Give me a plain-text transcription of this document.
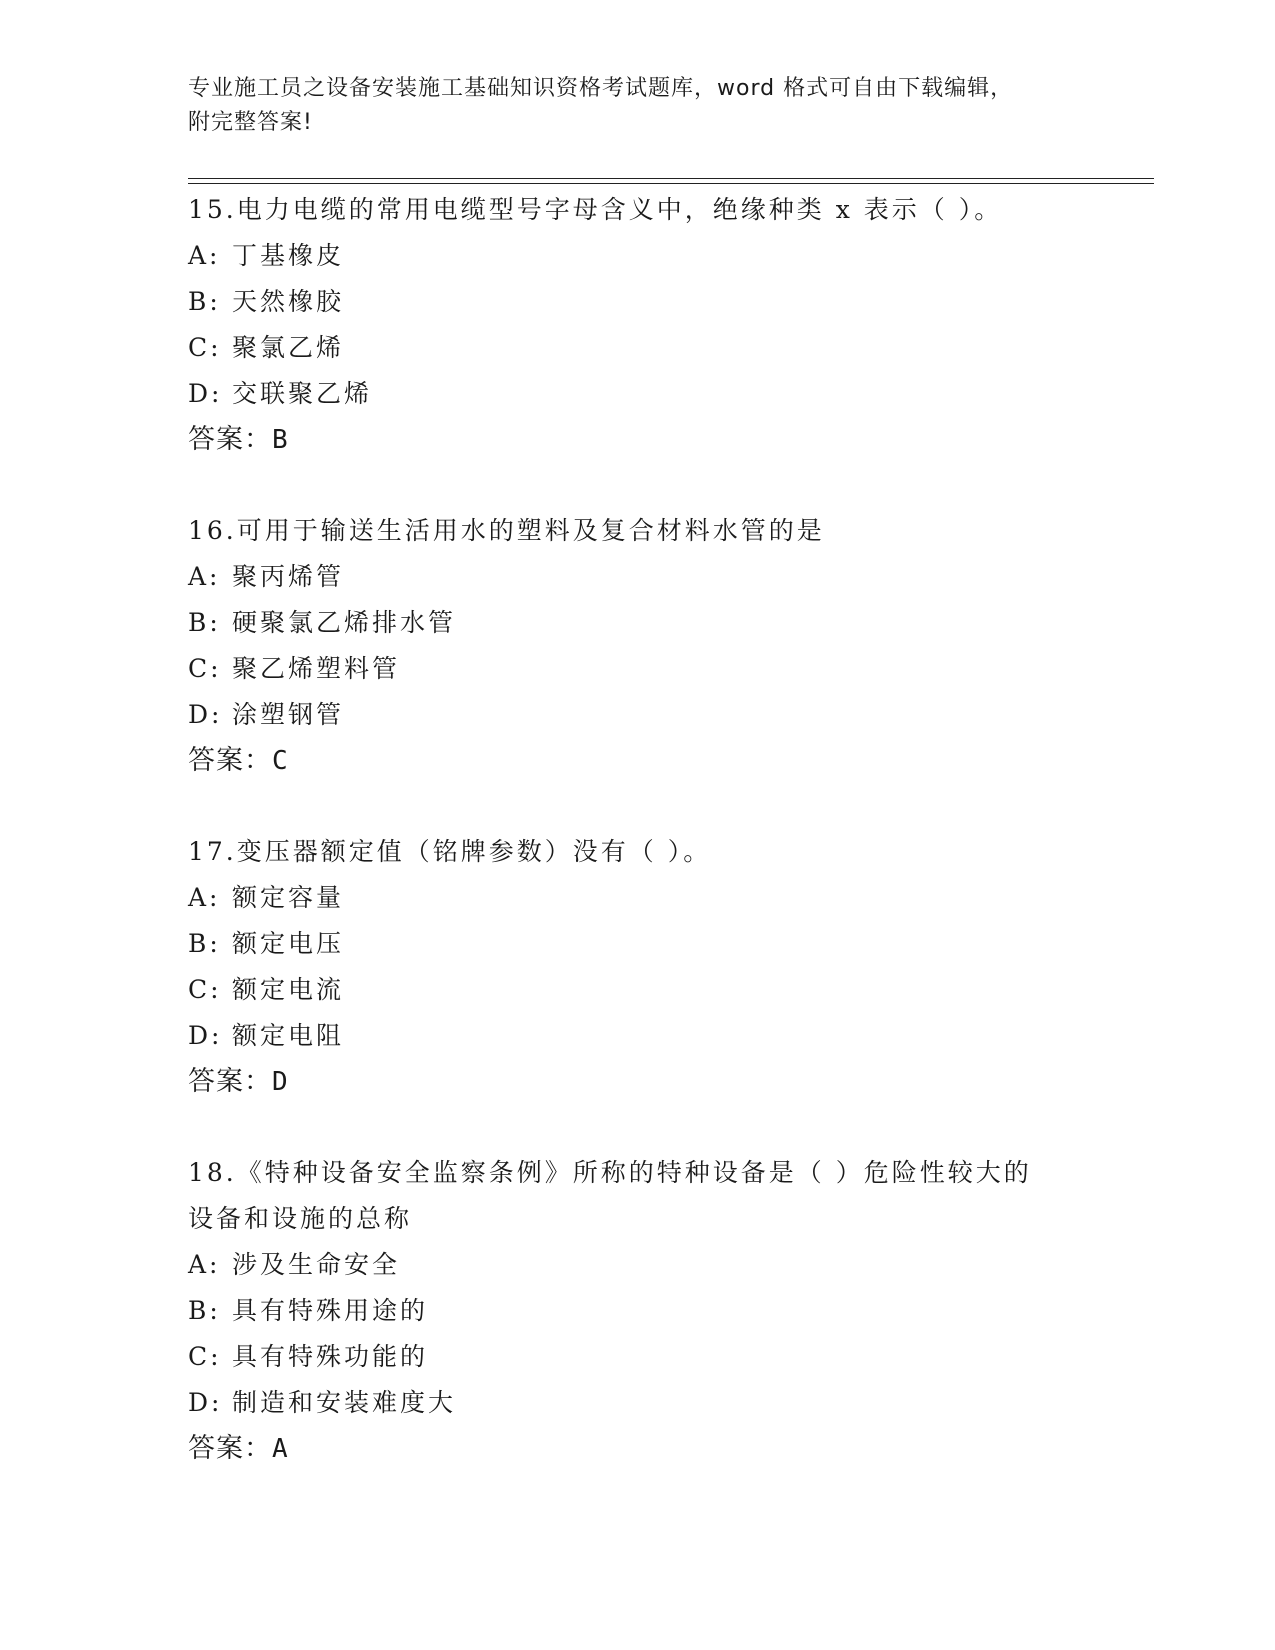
专业施工员之设备安装施工基础知识资格考试题库，word 格式可自由下载编辑，
附完整答案!
15.电力电缆的常用电缆型号字母含义中，绝缘种类 x 表示（ ）。
A: 丁基橡皮
B: 天然橡胶
C: 聚氯乙烯
D: 交联聚乙烯
答案：B
16.可用于输送生活用水的塑料及复合材料水管的是
A: 聚丙烯管
B: 硬聚氯乙烯排水管
C: 聚乙烯塑料管
D: 涂塑钢管
答案：C
17.变压器额定值（铭牌参数）没有（ ）。
A: 额定容量
B: 额定电压
C: 额定电流
D: 额定电阻
答案：D
18.《特种设备安全监察条例》所称的特种设备是（ ）危险性较大的
设备和设施的总称
A: 涉及生命安全
B: 具有特殊用途的
C: 具有特殊功能的
D: 制造和安装难度大
答案：A
